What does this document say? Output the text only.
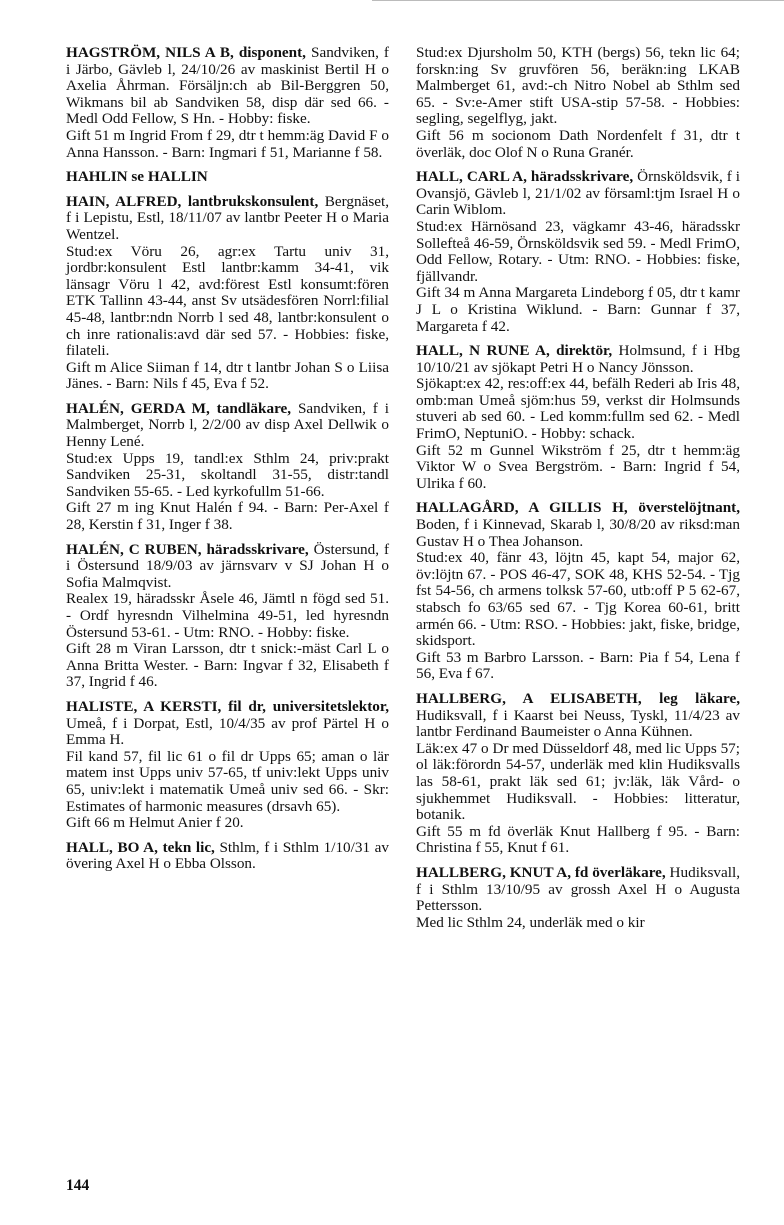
HAGSTRÖM, NILS A B, disponent, Sandviken, f i Järbo, Gävleb l, 24/10/26 av maskinist Bertil H o Axelia Åhrman. Försäljn:ch ab Bil-Berggren 50, Wikmans bil ab Sandviken 58, disp där sed 66. - Medl Odd Fellow, S Hn. - Hobby: fiske.

Gift 51 m Ingrid From f 29, dtr t hemm:äg David F o Anna Hansson. - Barn: Ingmari f 51, Marianne f 58.

HAHLIN se HALLIN

HAIN, ALFRED, lantbrukskonsulent, Bergnäset, f i Lepistu, Estl, 18/11/07 av lantbr Peeter H o Maria Wentzel.

Stud:ex Vöru 26, agr:ex Tartu univ 31, jordbr:konsulent Estl lantbr:kamm 34-41, vik länsagr Vöru l 42, avd:förest Estl konsumt:fören ETK Tallinn 43-44, anst Sv utsädesfören Norrl:filial 45-48, lantbr:ndn Norrb l sed 48, lantbr:konsulent o ch inre rationalis:avd där sed 57. - Hobbies: fiske, filateli.

Gift m Alice Siiman f 14, dtr t lantbr Johan S o Liisa Jänes. - Barn: Nils f 45, Eva f 52.

HALÉN, GERDA M, tandläkare, Sandviken, f i Malmberget, Norrb l, 2/2/00 av disp Axel Dellwik o Henny Lené.

Stud:ex Upps 19, tandl:ex Sthlm 24, priv:prakt Sandviken 25-31, skoltandl 31-55, distr:tandl Sandviken 55-65. - Led kyrkofullm 51-66.

Gift 27 m ing Knut Halén f 94. - Barn: Per-Axel f 28, Kerstin f 31, Inger f 38.

HALÉN, C RUBEN, häradsskrivare, Östersund, f i Östersund 18/9/03 av järnsvarv v SJ Johan H o Sofia Malmqvist.

Realex 19, häradsskr Åsele 46, Jämtl n fögd sed 51. - Ordf hyresndn Vilhelmina 49-51, led hyresndn Östersund 53-61. - Utm: RNO. - Hobby: fiske.

Gift 28 m Viran Larsson, dtr t snick:-mäst Carl L o Anna Britta Wester. - Barn: Ingvar f 32, Elisabeth f 37, Ingrid f 46.

HALISTE, A KERSTI, fil dr, universitetslektor, Umeå, f i Dorpat, Estl, 10/4/35 av prof Pärtel H o Emma H.

Fil kand 57, fil lic 61 o fil dr Upps 65; aman o lär matem inst Upps univ 57-65, tf univ:lekt Upps univ 65, univ:lekt i matematik Umeå univ sed 66. - Skr: Estimates of harmonic measures (drsavh 65).

Gift 66 m Helmut Anier f 20.

HALL, BO A, tekn lic, Sthlm, f i Sthlm 1/10/31 av övering Axel H o Ebba Olsson.

Stud:ex Djursholm 50, KTH (bergs) 56, tekn lic 64; forskn:ing Sv gruvfören 56, beräkn:ing LKAB Malmberget 61, avd:-ch Nitro Nobel ab Sthlm sed 65. - Sv:e-Amer stift USA-stip 57-58. - Hobbies: segling, segelflyg, jakt.

Gift 56 m socionom Dath Nordenfelt f 31, dtr t överläk, doc Olof N o Runa Granér.

HALL, CARL A, häradsskrivare, Örnsköldsvik, f i Ovansjö, Gävleb l, 21/1/02 av församl:tjm Israel H o Carin Wiblom.

Stud:ex Härnösand 23, vägkamr 43-46, häradsskr Sollefteå 46-59, Örnsköldsvik sed 59. - Medl FrimO, Odd Fellow, Rotary. - Utm: RNO. - Hobbies: fiske, fjällvandr.

Gift 34 m Anna Margareta Lindeborg f 05, dtr t kamr J L o Kristina Wiklund. - Barn: Gunnar f 37, Margareta f 42.

HALL, N RUNE A, direktör, Holmsund, f i Hbg 10/10/21 av sjökapt Petri H o Nancy Jönsson.

Sjökapt:ex 42, res:off:ex 44, befälh Rederi ab Iris 48, omb:man Umeå sjöm:hus 59, verkst dir Holmsunds stuveri ab sed 60. - Led komm:fullm sed 62. - Medl FrimO, NeptuniO. - Hobby: schack.

Gift 52 m Gunnel Wikström f 25, dtr t hemm:äg Viktor W o Svea Bergström. - Barn: Ingrid f 54, Ulrika f 60.

HALLAGÅRD, A GILLIS H, överstelöjtnant, Boden, f i Kinnevad, Skarab l, 30/8/20 av riksd:man Gustav H o Thea Johanson.

Stud:ex 40, fänr 43, löjtn 45, kapt 54, major 62, öv:löjtn 67. - POS 46-47, SOK 48, KHS 52-54. - Tjg fst 54-56, ch armens tolksk 57-60, utb:off P 5 62-67, stabsch fo 63/65 sed 67. - Tjg Korea 60-61, britt armén 66. - Utm: RSO. - Hobbies: jakt, fiske, bridge, skidsport.

Gift 53 m Barbro Larsson. - Barn: Pia f 54, Lena f 56, Eva f 67.

HALLBERG, A ELISABETH, leg läkare, Hudiksvall, f i Kaarst bei Neuss, Tyskl, 11/4/23 av lantbr Ferdinand Baumeister o Anna Kühnen.

Läk:ex 47 o Dr med Düsseldorf 48, med lic Upps 57; ol läk:förordn 54-57, underläk med klin Hudiksvalls las 58-61, prakt läk sed 61; jv:läk, läk Vård- o sjukhemmet Hudiksvall. - Hobbies: litteratur, botanik.

Gift 55 m fd överläk Knut Hallberg f 95. - Barn: Christina f 55, Knut f 61.

HALLBERG, KNUT A, fd överläkare, Hudiksvall, f i Sthlm 13/10/95 av grossh Axel H o Augusta Pettersson.

Med lic Sthlm 24, underläk med o kir

144
